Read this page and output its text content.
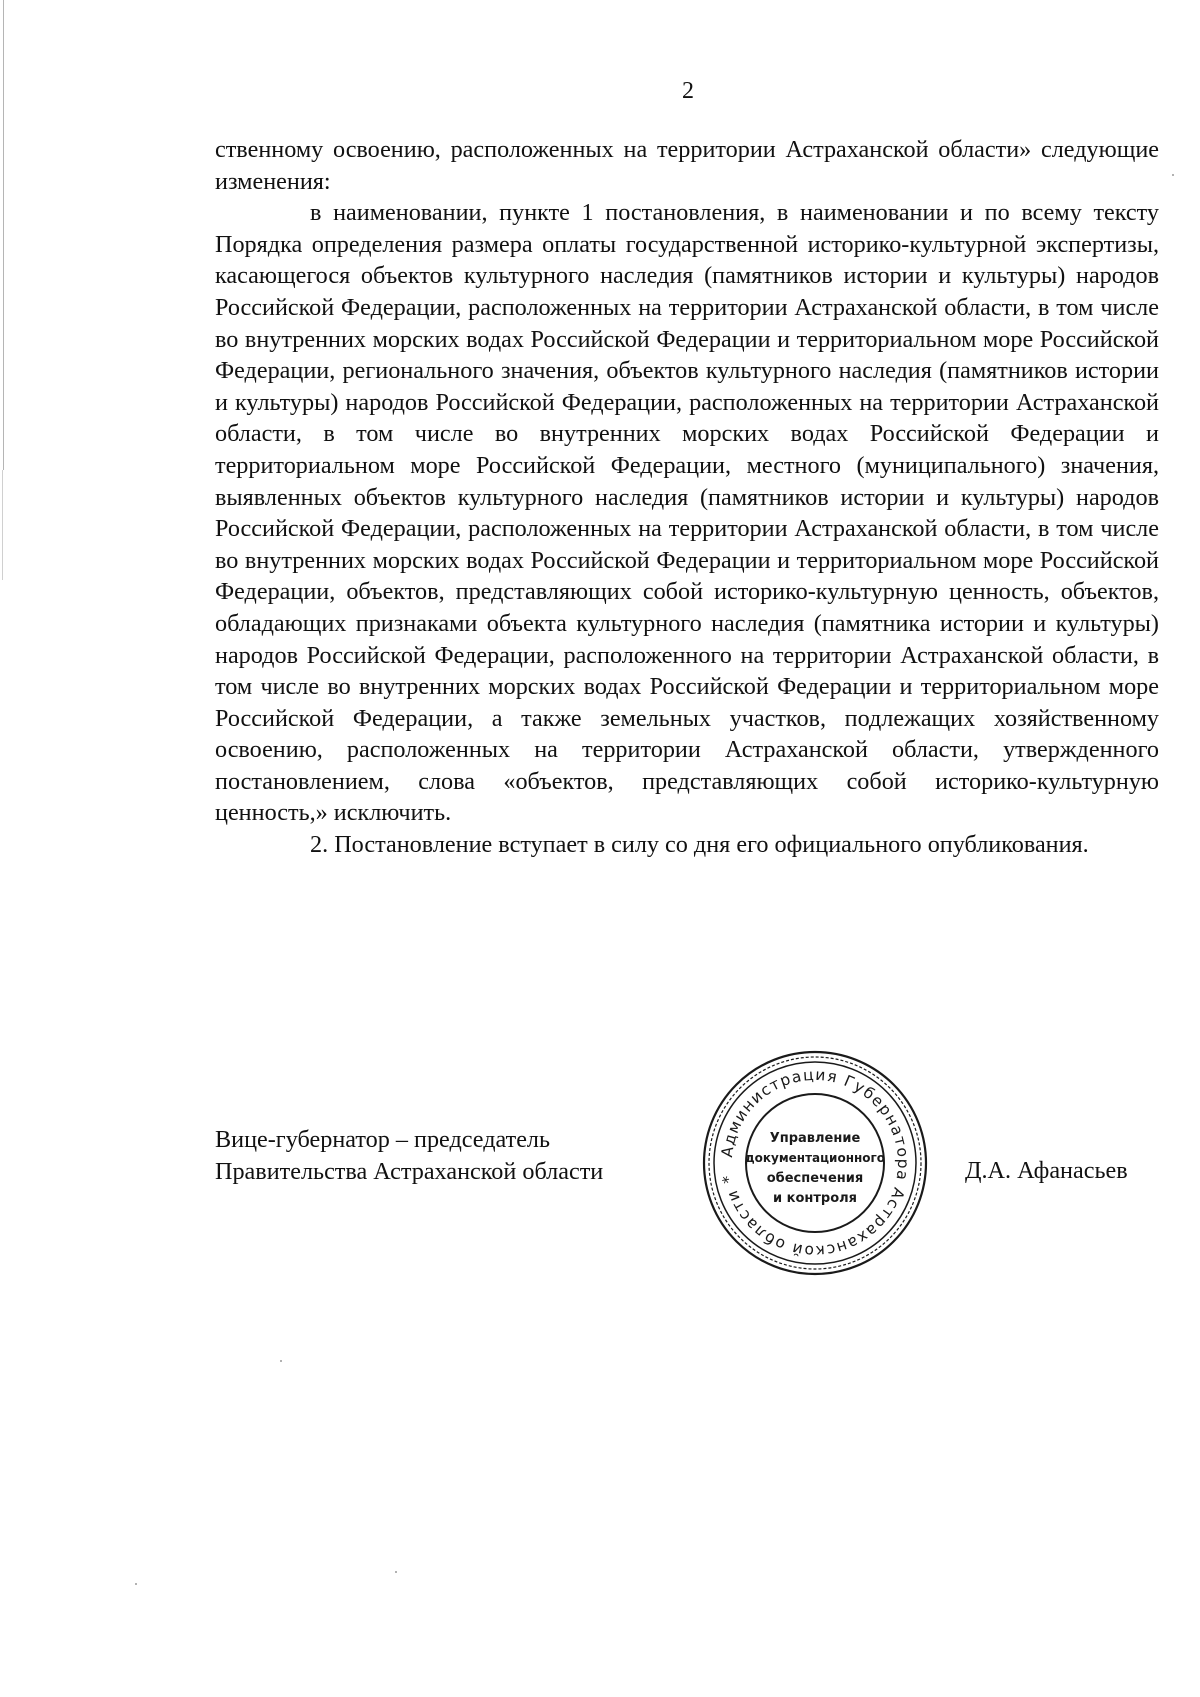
2

ственному освоению, расположенных на территории Астраханской области» следующие изменения:

в наименовании, пункте 1 постановления, в наименовании и по всему тексту Порядка определения размера оплаты государственной историко-культурной экспертизы, касающегося объектов культурного наследия (памятников истории и культуры) народов Российской Федерации, расположенных на территории Астраханской области, в том числе во внутренних морских водах Российской Федерации и территориальном море Российской Федерации, регионального значения, объектов культурного наследия (памятников истории и культуры) народов Российской Федерации, расположенных на территории Астраханской области, в том числе во внутренних морских водах Российской Федерации и территориальном море Российской Федерации, местного (муниципального) значения, выявленных объектов культурного наследия (памятников истории и культуры) народов Российской Федерации, расположенных на территории Астраханской области, в том числе во внутренних морских водах Российской Федерации и территориальном море Российской Федерации, объектов, представляющих собой историко-культурную ценность, объектов, обладающих признаками объекта культурного наследия (памятника истории и культуры) народов Российской Федерации, расположенного на территории Астраханской области, в том числе во внутренних морских водах Российской Федерации и территориальном море Российской Федерации, а также земельных участков, подлежащих хозяйственному освоению, расположенных на территории Астраханской области, утвержденного постановлением, слова «объектов, представляющих собой историко-культурную ценность,» исключить.

2. Постановление вступает в силу со дня его официального опубликования.

Вице-губернатор – председатель
Правительства Астраханской области
Администрация Губернатора Астраханской области *
Управление
документационного
обеспечения
и контроля
Д.А. Афанасьев
